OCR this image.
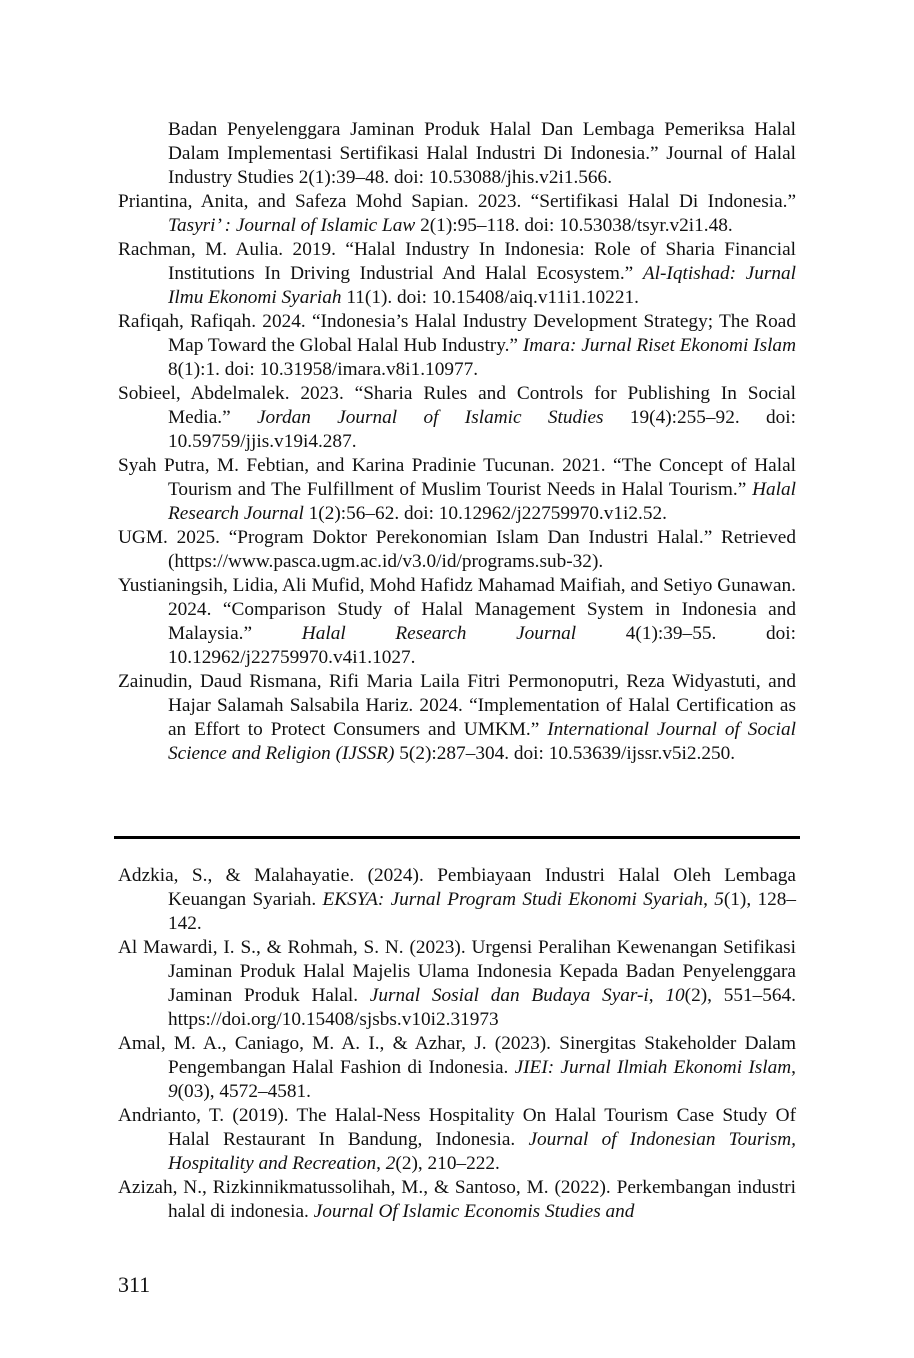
Badan Penyelenggara Jaminan Produk Halal Dan Lembaga Pemeriksa Halal Dalam Implementasi Sertifikasi Halal Industri Di Indonesia.” Journal of Halal Industry Studies 2(1):39–48. doi: 10.53088/jhis.v2i1.566.

Priantina, Anita, and Safeza Mohd Sapian. 2023. “Sertifikasi Halal Di Indonesia.” Tasyri’ : Journal of Islamic Law 2(1):95–118. doi: 10.53038/tsyr.v2i1.48.

Rachman, M. Aulia. 2019. “Halal Industry In Indonesia: Role of Sharia Financial Institutions In Driving Industrial And Halal Ecosystem.” Al-Iqtishad: Jurnal Ilmu Ekonomi Syariah 11(1). doi: 10.15408/aiq.v11i1.10221.

Rafiqah, Rafiqah. 2024. “Indonesia’s Halal Industry Development Strategy; The Road Map Toward the Global Halal Hub Industry.” Imara: Jurnal Riset Ekonomi Islam 8(1):1. doi: 10.31958/imara.v8i1.10977.

Sobieel, Abdelmalek. 2023. “Sharia Rules and Controls for Publishing In Social Media.” Jordan Journal of Islamic Studies 19(4):255–92. doi: 10.59759/jjis.v19i4.287.

Syah Putra, M. Febtian, and Karina Pradinie Tucunan. 2021. “The Concept of Halal Tourism and The Fulfillment of Muslim Tourist Needs in Halal Tourism.” Halal Research Journal 1(2):56–62. doi: 10.12962/j22759970.v1i2.52.

UGM. 2025. “Program Doktor Perekonomian Islam Dan Industri Halal.” Retrieved (https://www.pasca.ugm.ac.id/v3.0/id/programs.sub-32).

Yustianingsih, Lidia, Ali Mufid, Mohd Hafidz Mahamad Maifiah, and Setiyo Gunawan. 2024. “Comparison Study of Halal Management System in Indonesia and Malaysia.” Halal Research Journal 4(1):39–55. doi: 10.12962/j22759970.v4i1.1027.

Zainudin, Daud Rismana, Rifi Maria Laila Fitri Permonoputri, Reza Widyastuti, and Hajar Salamah Salsabila Hariz. 2024. “Implementation of Halal Certification as an Effort to Protect Consumers and UMKM.” International Journal of Social Science and Religion (IJSSR) 5(2):287–304. doi: 10.53639/ijssr.v5i2.250.

Adzkia, S., & Malahayatie. (2024). Pembiayaan Industri Halal Oleh Lembaga Keuangan Syariah. EKSYA: Jurnal Program Studi Ekonomi Syariah, 5(1), 128–142.

Al Mawardi, I. S., & Rohmah, S. N. (2023). Urgensi Peralihan Kewenangan Setifikasi Jaminan Produk Halal Majelis Ulama Indonesia Kepada Badan Penyelenggara Jaminan Produk Halal. Jurnal Sosial dan Budaya Syar-i, 10(2), 551–564. https://doi.org/10.15408/sjsbs.v10i2.31973

Amal, M. A., Caniago, M. A. I., & Azhar, J. (2023). Sinergitas Stakeholder Dalam Pengembangan Halal Fashion di Indonesia. JIEI: Jurnal Ilmiah Ekonomi Islam, 9(03), 4572–4581.

Andrianto, T. (2019). The Halal-Ness Hospitality On Halal Tourism Case Study Of Halal Restaurant In Bandung, Indonesia. Journal of Indonesian Tourism, Hospitality and Recreation, 2(2), 210–222.

Azizah, N., Rizkinnikmatussolihah, M., & Santoso, M. (2022). Perkembangan industri halal di indonesia. Journal Of Islamic Economis Studies and

311
